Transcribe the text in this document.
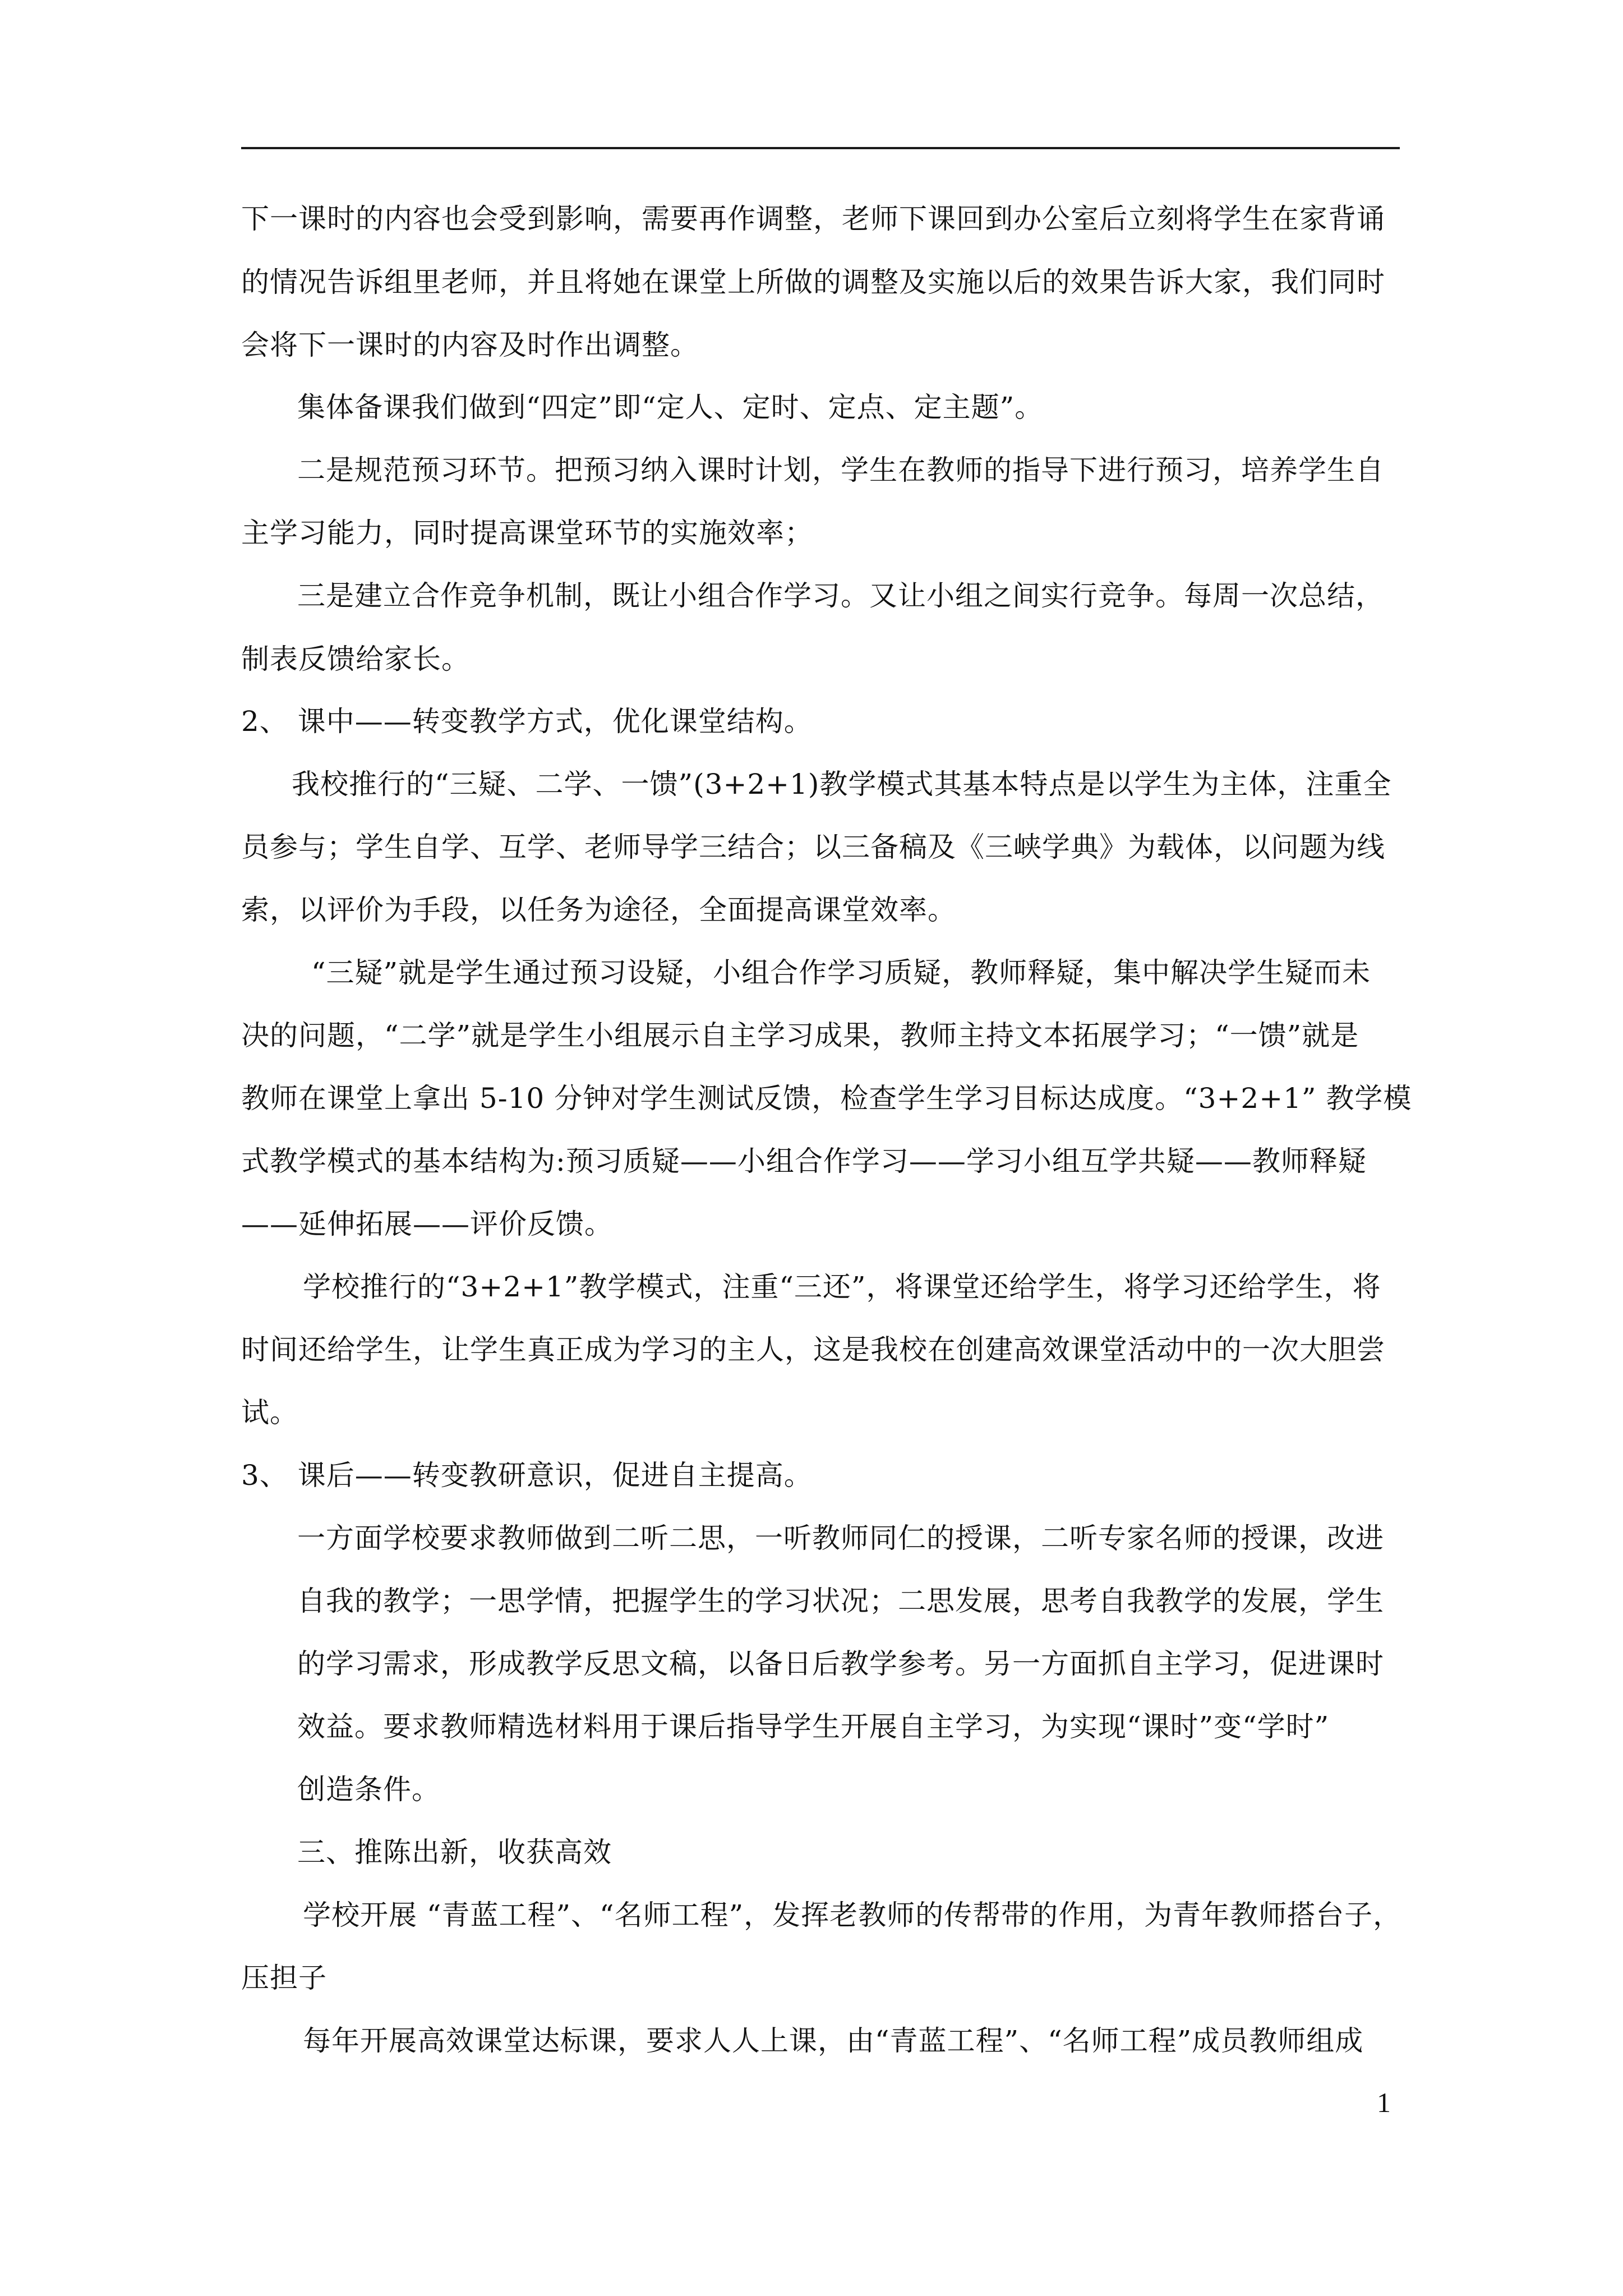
下一课时的内容也会受到影响，需要再作调整，老师下课回到办公室后立刻将学生在家背诵
的情况告诉组里老师，并且将她在课堂上所做的调整及实施以后的效果告诉大家，我们同时
会将下一课时的内容及时作出调整。
集体备课我们做到“四定”即“定人、定时、定点、定主题”。
二是规范预习环节。把预习纳入课时计划，学生在教师的指导下进行预习，培养学生自
主学习能力，同时提高课堂环节的实施效率；
三是建立合作竞争机制，既让小组合作学习。又让小组之间实行竞争。每周一次总结，
制表反馈给家长。
2、 课中——转变教学方式，优化课堂结构。
我校推行的“三疑、二学、一馈”(3+2+1)教学模式其基本特点是以学生为主体，注重全
员参与；学生自学、互学、老师导学三结合；以三备稿及《三峡学典》为载体，以问题为线
索，以评价为手段，以任务为途径，全面提高课堂效率。
“三疑”就是学生通过预习设疑，小组合作学习质疑，教师释疑，集中解决学生疑而未
决的问题，“二学”就是学生小组展示自主学习成果，教师主持文本拓展学习；“一馈”就是
教师在课堂上拿出 5-10 分钟对学生测试反馈，检查学生学习目标达成度。“3+2+1” 教学模
式教学模式的基本结构为:预习质疑——小组合作学习——学习小组互学共疑——教师释疑
——延伸拓展——评价反馈。
学校推行的“3+2+1”教学模式，注重“三还”，将课堂还给学生，将学习还给学生，将
时间还给学生，让学生真正成为学习的主人，这是我校在创建高效课堂活动中的一次大胆尝
试。
3、 课后——转变教研意识，促进自主提高。
一方面学校要求教师做到二听二思，一听教师同仁的授课，二听专家名师的授课，改进
自我的教学；一思学情，把握学生的学习状况；二思发展，思考自我教学的发展，学生
的学习需求，形成教学反思文稿，以备日后教学参考。另一方面抓自主学习，促进课时
效益。要求教师精选材料用于课后指导学生开展自主学习，为实现“课时”变“学时”
创造条件。
三、推陈出新，收获高效
学校开展 “青蓝工程”、“名师工程”，发挥老教师的传帮带的作用，为青年教师搭台子，
压担子
每年开展高效课堂达标课，要求人人上课，由“青蓝工程”、“名师工程”成员教师组成
1
